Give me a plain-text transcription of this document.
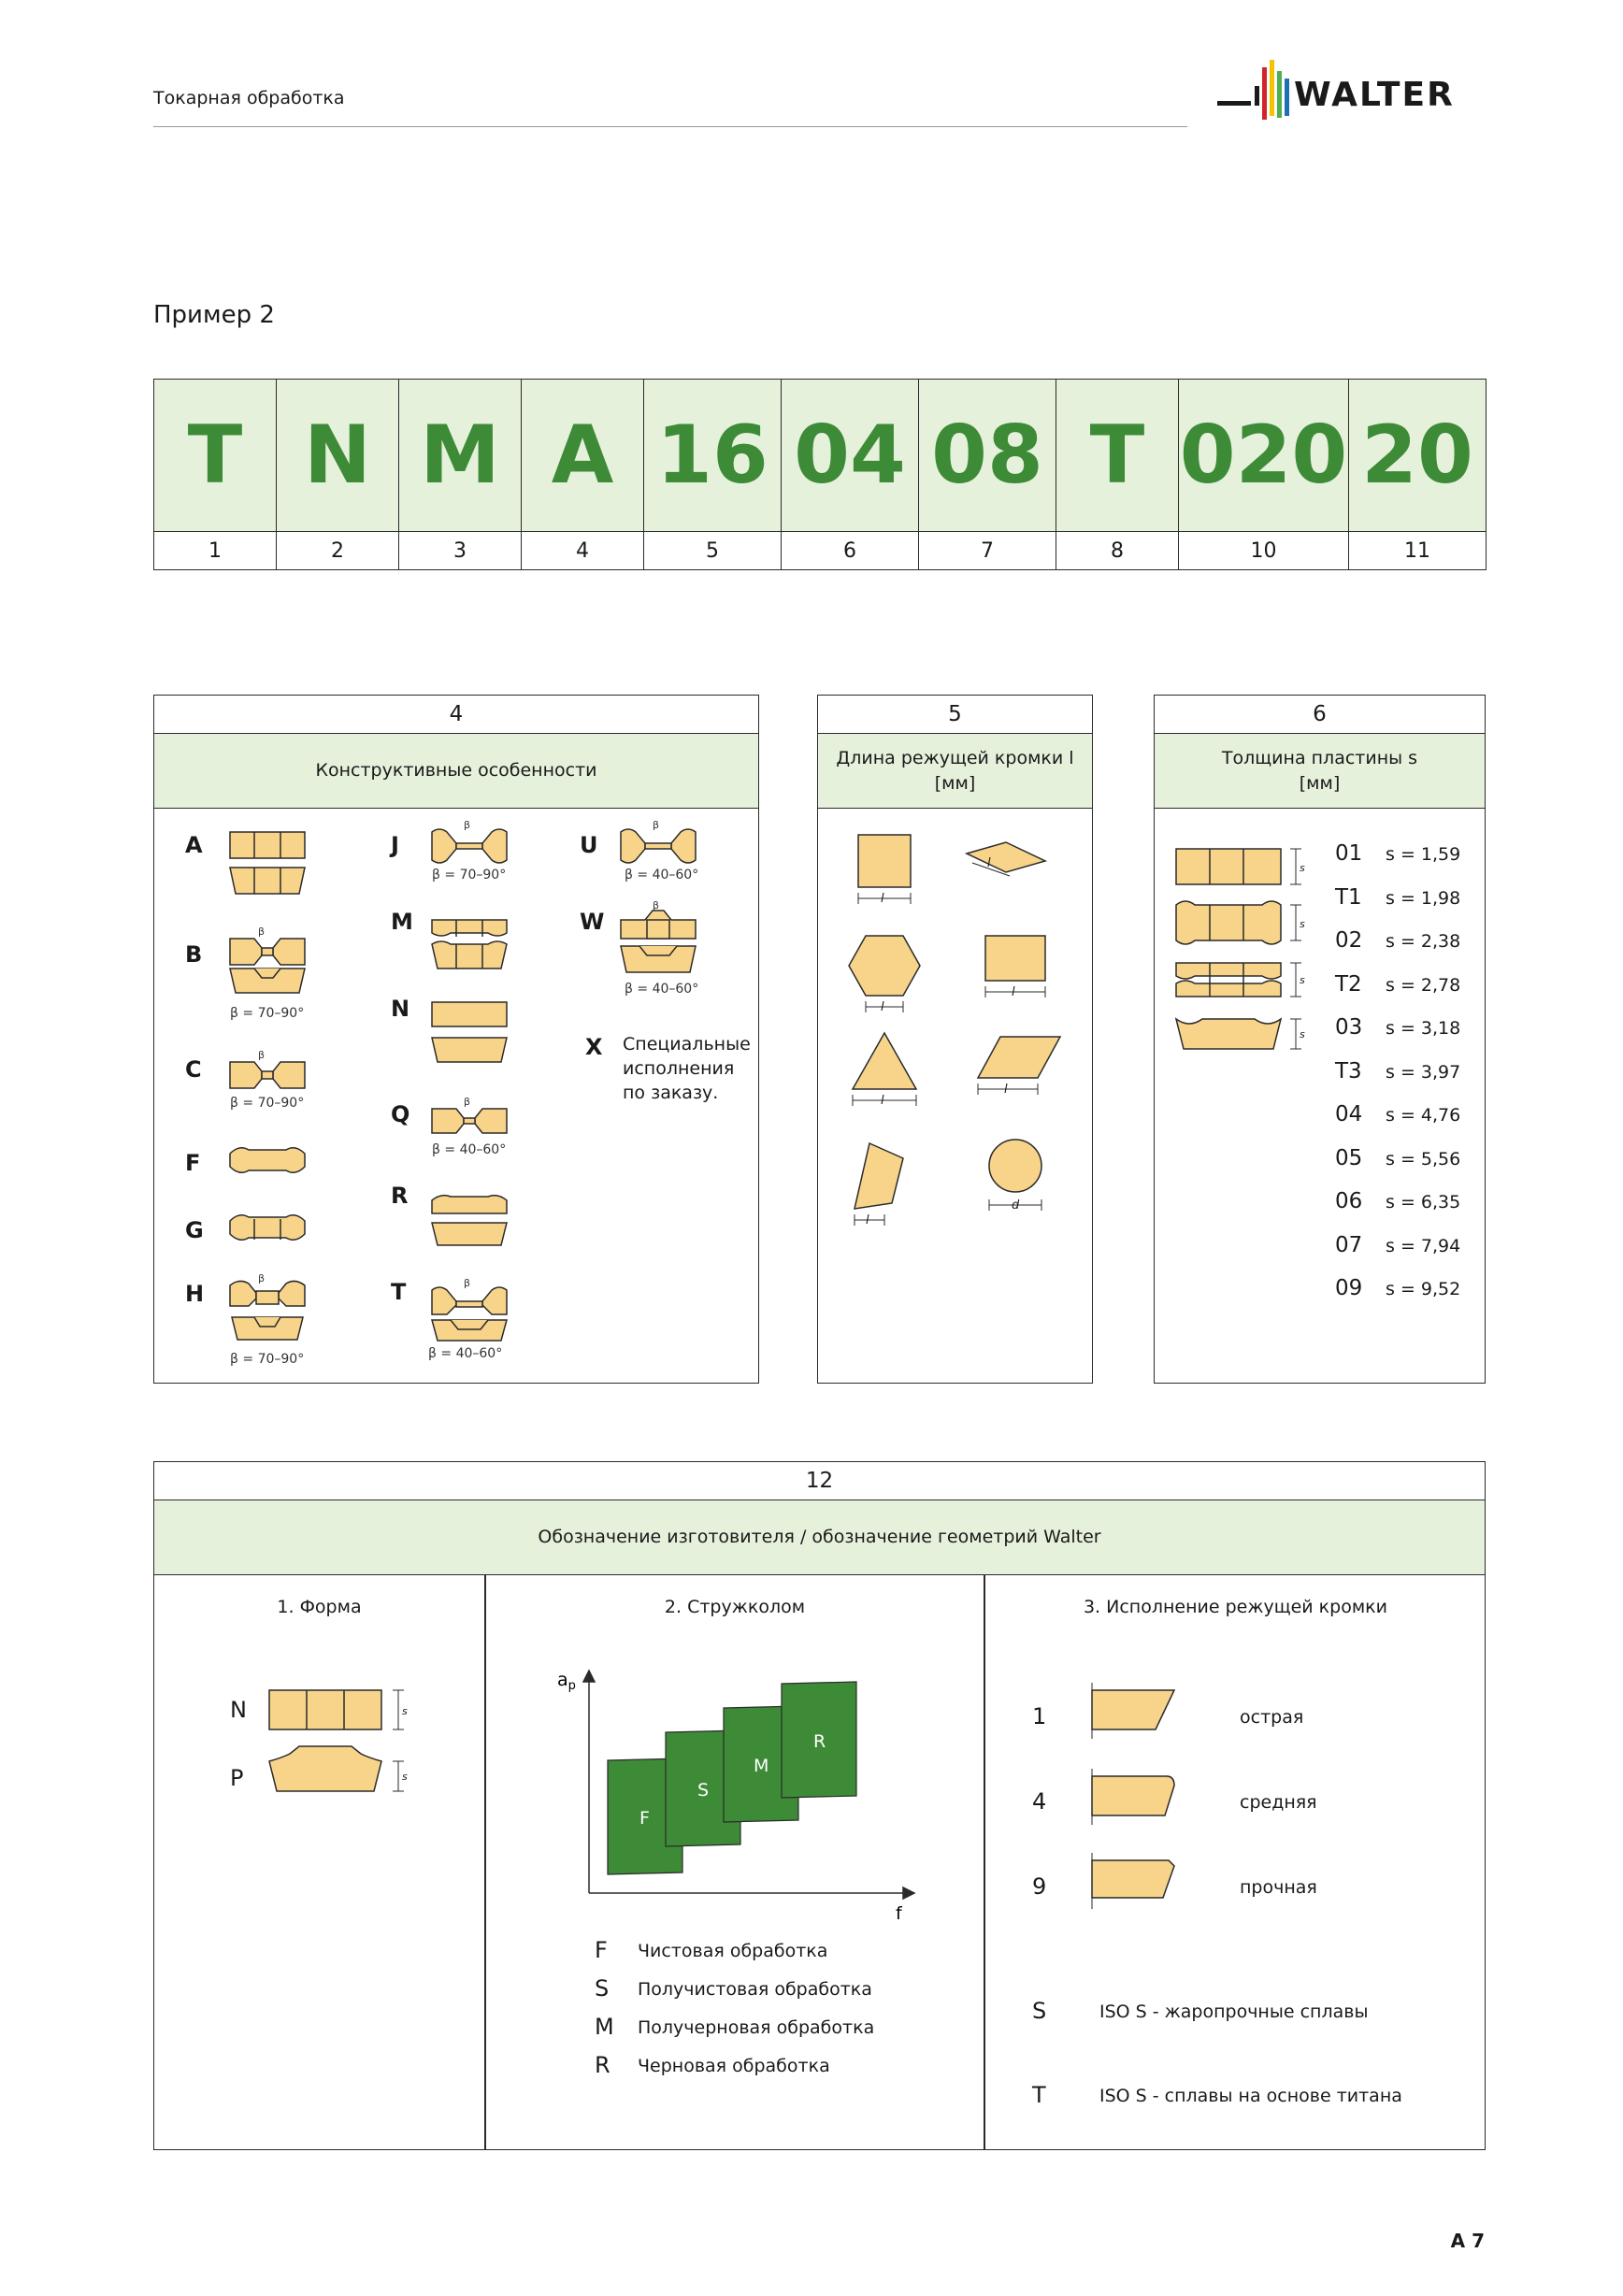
Токарная обработка	WALTER
Пример 2
T	N	M	A	16	04	08	T	020	20
1	2	3	4	5	6	7	8	10	11
4
Конструктивные особенности
A
B
C
F
G
H
J
M
N
Q
R
T
U
W
X Специальные
исполнения
по заказу.
β
β
β
β
β
β
β
β
β = 70–90°
β = 70–90°
β = 70–90°
β = 70–90°
β = 40–60°
β = 40–60°
β = 40–60°
β = 40–60°
5
Длина режущей кромки l
[мм]
l
l
l
l
l
l
l
d
6
Толщина пластины s
[мм]
s
s
s
s
01 s = 1,59
T1 s = 1,98
02 s = 2,38
T2 s = 2,78
03 s = 3,18
T3 s = 3,97
04 s = 4,76
05 s = 5,56
06 s = 6,35
07 s = 7,94
09 s = 9,52
12
Обозначение изготовителя / обозначение геометрий Walter
1. Форма
N
P
s
s
2. Стружколом
$a_p$
f
F
S
M
R
F Чистовая обработка
S Получистовая обработка
M Получерновая обработка
R Черновая обработка
3. Исполнение режущей кромки
1	острая
4	средняя
9	прочная
S	ISO S - жаропрочные сплавы
T	ISO S - сплавы на основе титана
A 7
